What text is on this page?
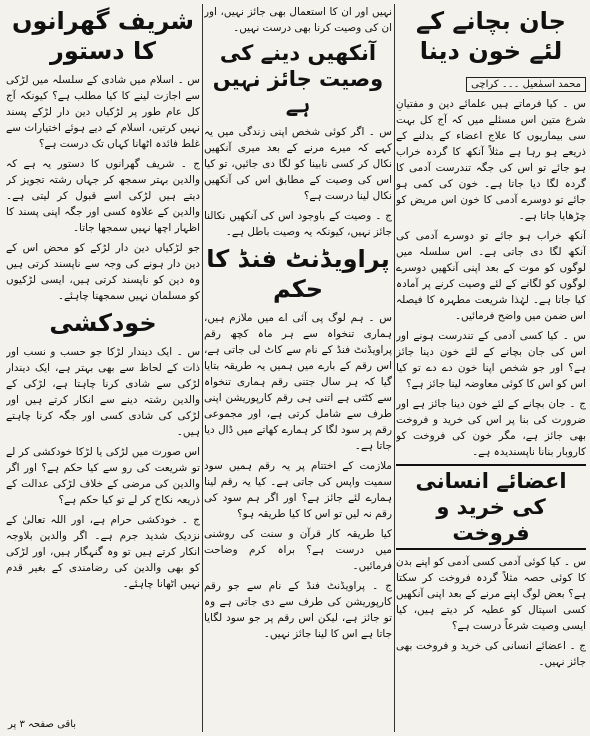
جان بچانے کے لئے خون دینا
محمد اسمٰعیل ۔۔۔ کراچی

س ۔ کیا فرماتے ہیں علمائے دین و مفتیانِ شرع متین اس مسئلے میں کہ آج کل بہت سی بیماریوں کا علاج اعضاء کے بدلنے کے ذریعے ہو رہا ہے مثلاً آنکھ کا گردہ خراب ہو جائے تو اس کی جگہ تندرست آدمی کا گردہ لگا دیا جاتا ہے۔ خون کی کمی ہو جائے تو دوسرے آدمی کا خون اس مریض کو چڑھایا جاتا ہے۔

آنکھ خراب ہو جائے تو دوسرے آدمی کی آنکھ لگا دی جاتی ہے۔ اس سلسلہ میں لوگوں کو موت کے بعد اپنی آنکھیں دوسرے لوگوں کو لگانے کے لئے وصیت کرنے پر آمادہ کیا جاتا ہے۔ لہٰذا شریعت مطہرہ کا فیصلہ اس ضمن میں واضح فرمائیں۔

س ۔ کیا کسی آدمی کے تندرست ہونے اور اس کی جان بچانے کے لئے خون دینا جائز ہے؟ اور جو شخص اپنا خون دے دے تو کیا اس کو اس کا کوئی معاوضہ لینا جائز ہے؟

ج ۔ جان بچانے کے لئے خون دینا جائز ہے اور ضرورت کی بنا پر اس کی خرید و فروخت بھی جائز ہے، مگر خون کی فروخت کو کاروبار بنانا ناپسندیدہ ہے۔

اعضائے انسانی کی خرید و فروخت

س ۔ کیا کوئی آدمی کسی آدمی کو اپنے بدن کا کوئی حصہ مثلاً گردہ فروخت کر سکتا ہے؟ بعض لوگ اپنے مرنے کے بعد اپنی آنکھیں کسی اسپتال کو عطیہ کر دیتے ہیں، کیا ایسی وصیت شرعاً درست ہے؟

ج ۔ اعضائے انسانی کی خرید و فروخت بھی جائز نہیں۔

نہیں اور ان کا استعمال بھی جائز نہیں، اور ان کی وصیت کرنا بھی درست نہیں۔

آنکھیں دینے کی وصیت جائز نہیں ہے

س ۔ اگر کوئی شخص اپنی زندگی میں یہ کہے کہ میرے مرنے کے بعد میری آنکھیں نکال کر کسی نابینا کو لگا دی جائیں، تو کیا اس کی وصیت کے مطابق اس کی آنکھیں نکال لینا درست ہے؟

ج ۔ وصیت کے باوجود اس کی آنکھیں نکالنا جائز نہیں، کیونکہ یہ وصیت باطل ہے۔

پراویڈنٹ فنڈ کا حکم

س ۔ ہم لوگ پی آئی اے میں ملازم ہیں، ہماری تنخواہ سے ہر ماہ کچھ رقم پراویڈنٹ فنڈ کے نام سے کاٹ لی جاتی ہے، اس رقم کے بارے میں ہمیں یہ طریقہ بتایا گیا کہ ہر سال جتنی رقم ہماری تنخواہ سے کٹتی ہے اتنی ہی رقم کارپوریشن اپنی طرف سے شامل کرتی ہے، اور مجموعی رقم پر سود لگا کر ہمارے کھاتے میں ڈال دیا جاتا ہے۔

ملازمت کے اختتام پر یہ رقم ہمیں سود سمیت واپس کی جاتی ہے۔ کیا یہ رقم لینا ہمارے لئے جائز ہے؟ اور اگر ہم سود کی رقم نہ لیں تو اس کا کیا طریقہ ہو؟

کیا طریقہ کار قرآن و سنت کی روشنی میں درست ہے؟ براہ کرم وضاحت فرمائیں۔

ج ۔ پراویڈنٹ فنڈ کے نام سے جو رقم کارپوریشن کی طرف سے دی جاتی ہے وہ تو جائز ہے، لیکن اس رقم پر جو سود لگایا جاتا ہے اس کا لینا جائز نہیں۔

شریف گھرانوں کا دستور

س ۔ اسلام میں شادی کے سلسلہ میں لڑکی سے اجازت لینے کا کیا مطلب ہے؟ کیونکہ آج کل عام طور پر لڑکیاں دین دار لڑکے پسند نہیں کرتیں، اسلام کے دیے ہوئے اختیارات سے غلط فائدہ اٹھانا کہاں تک درست ہے؟

ج ۔ شریف گھرانوں کا دستور یہ ہے کہ والدین بہتر سمجھ کر جہاں رشتہ تجویز کر دیتے ہیں لڑکی اسے قبول کر لیتی ہے۔ والدین کے علاوہ کسی اور جگہ اپنی پسند کا اظہار اچھا نہیں سمجھا جاتا۔

جو لڑکیاں دین دار لڑکے کو محض اس کے دین دار ہونے کی وجہ سے ناپسند کرتی ہیں وہ دین کو ناپسند کرتی ہیں، ایسی لڑکیوں کو مسلمان نہیں سمجھنا چاہئے۔

خودکشی

س ۔ ایک دیندار لڑکا جو حسب و نسب اور ذات کے لحاظ سے بھی بہتر ہے، ایک دیندار لڑکی سے شادی کرنا چاہتا ہے، لڑکی کے والدین رشتہ دینے سے انکار کرتے ہیں اور لڑکی کی شادی کسی اور جگہ کرنا چاہتے ہیں۔

اس صورت میں لڑکی یا لڑکا خودکشی کر لے تو شریعت کی رو سے کیا حکم ہے؟ اور اگر والدین کی مرضی کے خلاف لڑکی عدالت کے ذریعہ نکاح کر لے تو کیا حکم ہے؟

ج ۔ خودکشی حرام ہے، اور اللہ تعالیٰ کے نزدیک شدید جرم ہے۔ اگر والدین بلاوجہ انکار کرتے ہیں تو وہ گنہگار ہیں، اور لڑکی کو بھی والدین کی رضامندی کے بغیر قدم نہیں اٹھانا چاہئے۔

باقی صفحہ ۳ پر
